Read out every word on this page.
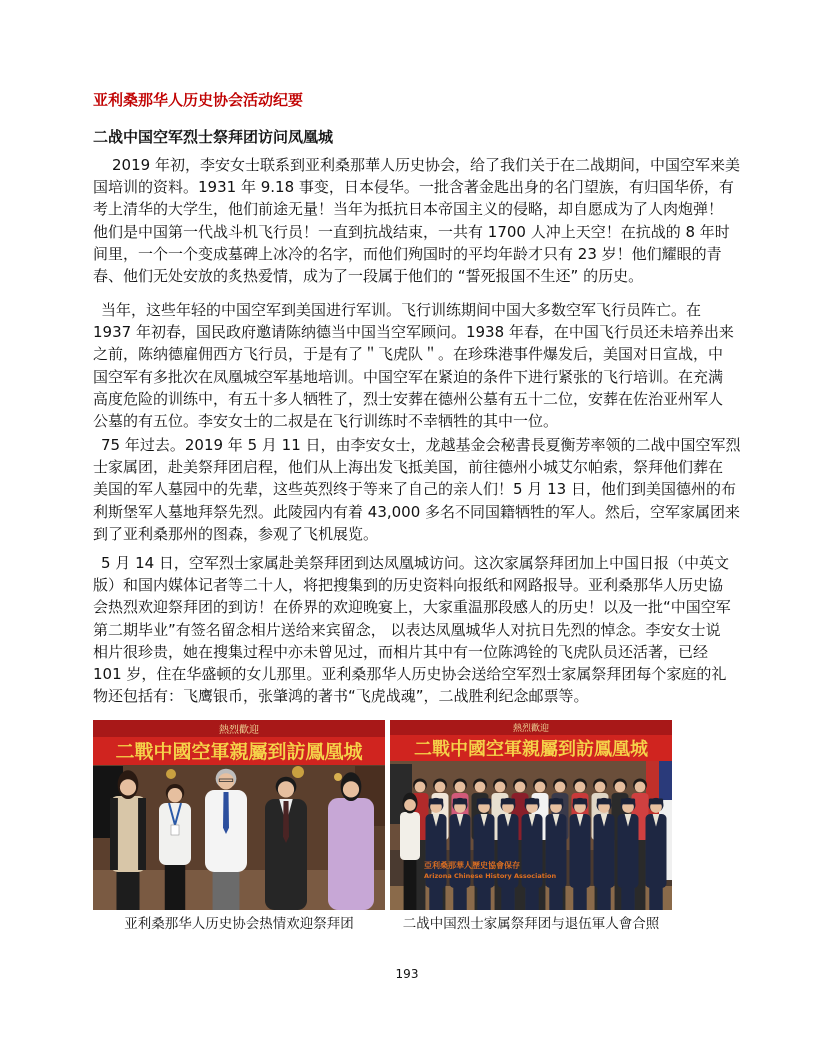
亚利桑那华人历史协会活动纪要
二战中国空军烈士祭拜团访问凤凰城
2019 年初，李安女士联系到亚利桑那華人历史协会，给了我们关于在二战期间，中国空军来美
国培训的资料。1931 年 9.18 事变，日本侵华。一批含著金匙出身的名门望族，有归国华侨，有
考上清华的大学生，他们前途无量！当年为抵抗日本帝国主义的侵略，却自愿成为了人肉炮弹！
他们是中国第一代战斗机飞行员！一直到抗战结束，一共有 1700 人冲上天空！在抗战的 8 年时
间里，一个一个变成墓碑上冰冷的名字，而他们殉国时的平均年龄才只有 23 岁！他们耀眼的青
春、他们无处安放的炙热爱情，成为了一段属于他们的 “誓死报国不生还” 的历史。
当年，这些年轻的中国空军到美国进行军训。飞行训练期间中国大多数空军飞行员阵亡。在
1937 年初春，国民政府邀请陈纳德当中国当空军顾问。1938 年春，在中国飞行员还未培养出来
之前，陈纳德雇佣西方飞行员，于是有了＂飞虎队＂。在珍珠港事件爆发后，美国对日宣战，中
国空军有多批次在凤凰城空军基地培训。中国空军在紧迫的条件下进行紧张的飞行培训。在充满
高度危险的训练中，有五十多人牺牲了，烈士安葬在德州公墓有五十二位，安葬在佐治亚州军人
公墓的有五位。李安女士的二叔是在飞行训练时不幸牺牲的其中一位。
75 年过去。2019 年 5 月 11 日，由李安女士，龙越基金会秘書長夏衡芳率领的二战中国空军烈
士家属团，赴美祭拜团启程，他们从上海出发飞抵美国，前往德州小城艾尔帕索，祭拜他们葬在
美国的军人墓园中的先辈，这些英烈终于等来了自己的亲人们！5 月 13 日，他们到美国德州的布
利斯堡军人墓地拜祭先烈。此陵园内有着 43,000 多名不同国籍牺牲的军人。然后，空军家属团来
到了亚利桑那州的图森，参观了飞机展览。
5 月 14 日，空军烈士家属赴美祭拜团到达凤凰城访问。这次家属祭拜团加上中国日报（中英文
版）和国内媒体记者等二十人，将把搜集到的历史资料向报纸和网路报导。亚利桑那华人历史協
会热烈欢迎祭拜团的到访！在侨界的欢迎晚宴上，大家重温那段感人的历史！以及一批“中国空军
第二期毕业”有签名留念相片送给来宾留念， 以表达凤凰城华人对抗日先烈的悼念。李安女士说
相片很珍贵，她在搜集过程中亦未曾见过，而相片其中有一位陈鸿铨的飞虎队员还活著，已经
101 岁，住在华盛顿的女儿那里。亚利桑那华人历史协会送给空军烈士家属祭拜团每个家庭的礼
物还包括有：飞鹰银币，张肇鸿的著书“飞虎战魂”，二战胜利纪念邮票等。
熱烈歡迎
二戰中國空軍親屬到訪鳳凰城
熱烈歡迎
二戰中國空軍親屬到訪鳳凰城
亞利桑那華人歷史協會保存
Arizona Chinese History Association
亚利桑那华人历史协会热情欢迎祭拜团	二战中国烈士家属祭拜团与退伍軍人會合照
193
